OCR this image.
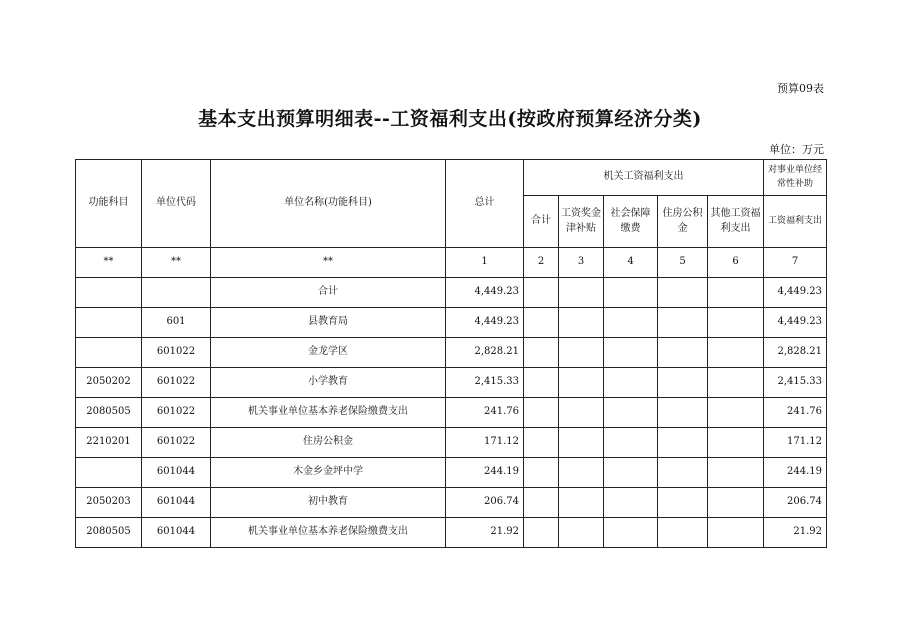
预算09表
基本支出预算明细表--工资福利支出(按政府预算经济分类)
单位：万元
功能科目	单位代码	单位名称(功能科目)	总计	机关工资福利支出					对事业单位经常性补助
				合计	工资奖金津补贴	社会保障缴费	住房公积金	其他工资福利支出	工资福利支出
**	**	**	1	2	3	4	5	6	7
		合计	4,449.23						4,449.23
	601	县教育局	4,449.23						4,449.23
	601022	金龙学区	2,828.21						2,828.21
2050202	601022	小学教育	2,415.33						2,415.33
2080505	601022	机关事业单位基本养老保险缴费支出	241.76						241.76
2210201	601022	住房公积金	171.12						171.12
	601044	木金乡金坪中学	244.19						244.19
2050203	601044	初中教育	206.74						206.74
2080505	601044	机关事业单位基本养老保险缴费支出	21.92						21.92
